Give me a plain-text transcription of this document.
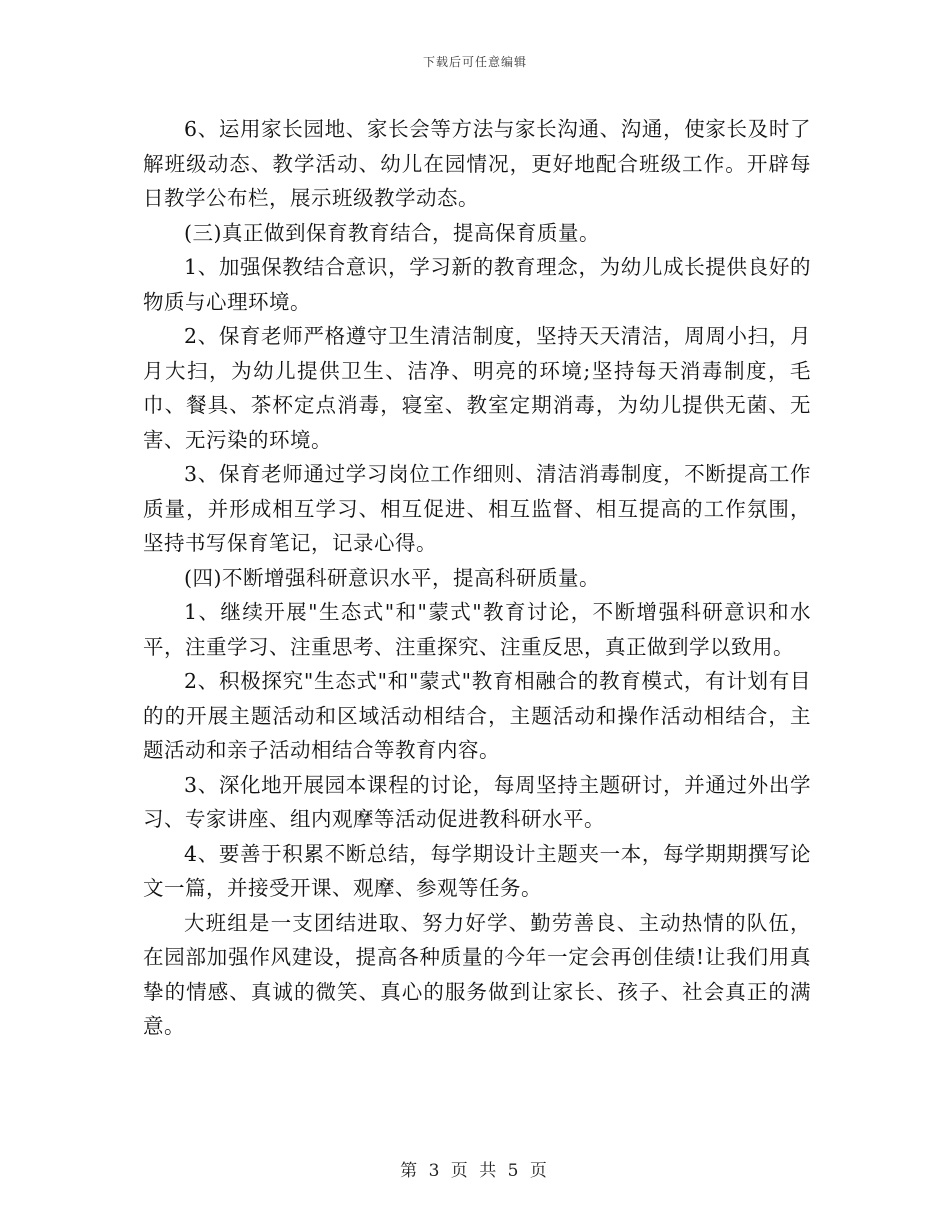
下载后可任意编辑

6、运用家长园地、家长会等方法与家长沟通、沟通，使家长及时了解班级动态、教学活动、幼儿在园情况，更好地配合班级工作。开辟每日教学公布栏，展示班级教学动态。

(三)真正做到保育教育结合，提高保育质量。

1、加强保教结合意识，学习新的教育理念，为幼儿成长提供良好的物质与心理环境。

2、保育老师严格遵守卫生清洁制度，坚持天天清洁，周周小扫，月月大扫，为幼儿提供卫生、洁净、明亮的环境;坚持每天消毒制度，毛巾、餐具、茶杯定点消毒，寝室、教室定期消毒，为幼儿提供无菌、无害、无污染的环境。

3、保育老师通过学习岗位工作细则、清洁消毒制度，不断提高工作质量，并形成相互学习、相互促进、相互监督、相互提高的工作氛围，坚持书写保育笔记，记录心得。

(四)不断增强科研意识水平，提高科研质量。

1、继续开展"生态式"和"蒙式"教育讨论，不断增强科研意识和水平，注重学习、注重思考、注重探究、注重反思，真正做到学以致用。

2、积极探究"生态式"和"蒙式"教育相融合的教育模式，有计划有目的的开展主题活动和区域活动相结合，主题活动和操作活动相结合，主题活动和亲子活动相结合等教育内容。

3、深化地开展园本课程的讨论，每周坚持主题研讨，并通过外出学习、专家讲座、组内观摩等活动促进教科研水平。

4、要善于积累不断总结，每学期设计主题夹一本，每学期期撰写论文一篇，并接受开课、观摩、参观等任务。

大班组是一支团结进取、努力好学、勤劳善良、主动热情的队伍，在园部加强作风建设，提高各种质量的今年一定会再创佳绩!让我们用真挚的情感、真诚的微笑、真心的服务做到让家长、孩子、社会真正的满意。

第 3 页 共 5 页
